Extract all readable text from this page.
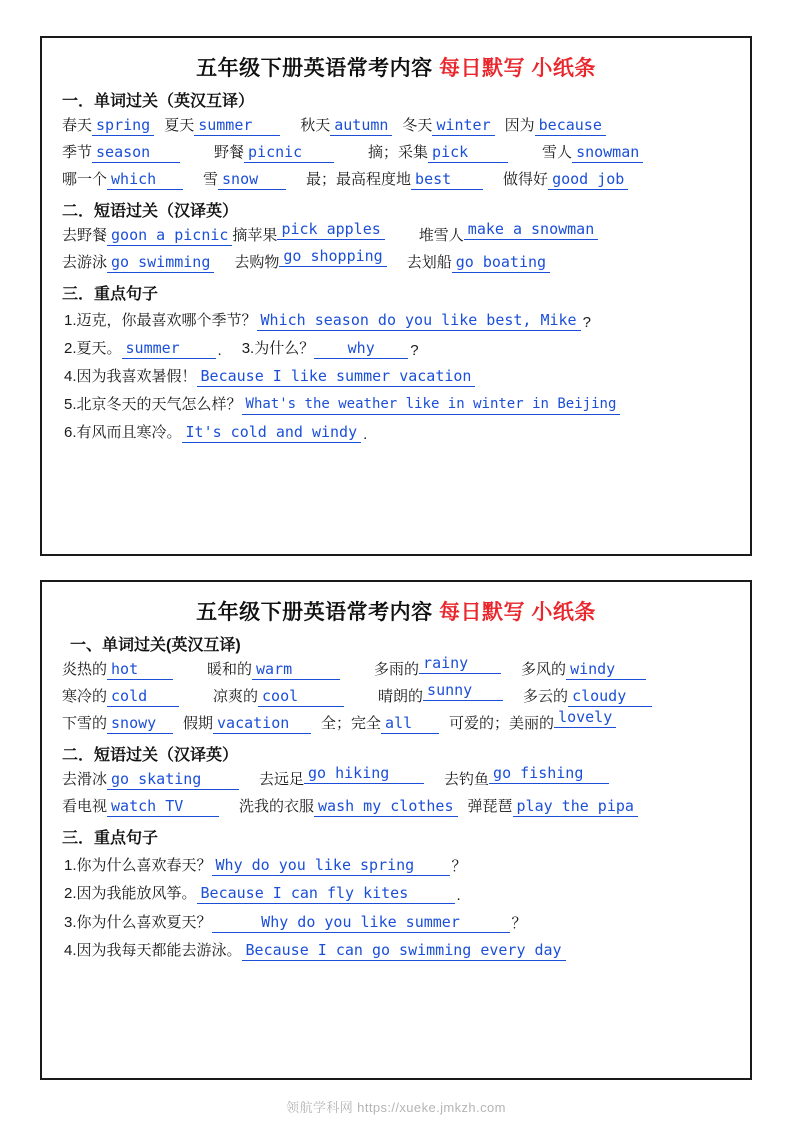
五年级下册英语常考内容 每日默写 小纸条
一．单词过关（英汉互译）
春天 spring 夏天 summer	秋天 autumn 冬天 winter 因为 because
季节 season	野餐 picnic	摘；采集 pick	雪人 snowman
哪一个 which	雪 snow	最；最高程度地 best	做得好 good job
二．短语过关（汉译英）
去野餐 goon a picnic 摘苹果 pick apples	堆雪人 make a snowman
去游泳 go swimming 去购物 go shopping 去划船 go boating
三．重点句子
1.迈克，你最喜欢哪个季节？ Which season do you like best, Mike ?
2.夏天。 summer	. 3.为什么？	why	?
4.因为我喜欢暑假！ Because I like summer vacation
5.北京冬天的天气怎么样？ What's the weather like in winter in Beijing
6.有风而且寒冷。 It's cold and windy .
五年级下册英语常考内容 每日默写 小纸条
一、单词过关(英汉互译)
炎热的 hot	暖和的 warm	多雨的 rainy	多风的 windy
寒冷的 cold	凉爽的 cool	晴朗的 sunny	多云的 cloudy
下雪的 snowy	假期 vacation	全；完全 all	可爱的；美丽的 lovely
二．短语过关（汉译英）
去滑冰 go skating	去远足 go hiking	去钓鱼 go fishing
看电视 watch TV	洗我的衣服 wash my clothes 弹琵琶 play the pipa
三．重点句子
1.你为什么喜欢春天？ Why do you like spring	？
2.因为我能放风筝。 Because I can fly kites	.
3.你为什么喜欢夏天？	Why do you like summer	？
4.因为我每天都能去游泳。 Because I can go swimming every day
领航学科网 https://xueke.jmkzh.com
